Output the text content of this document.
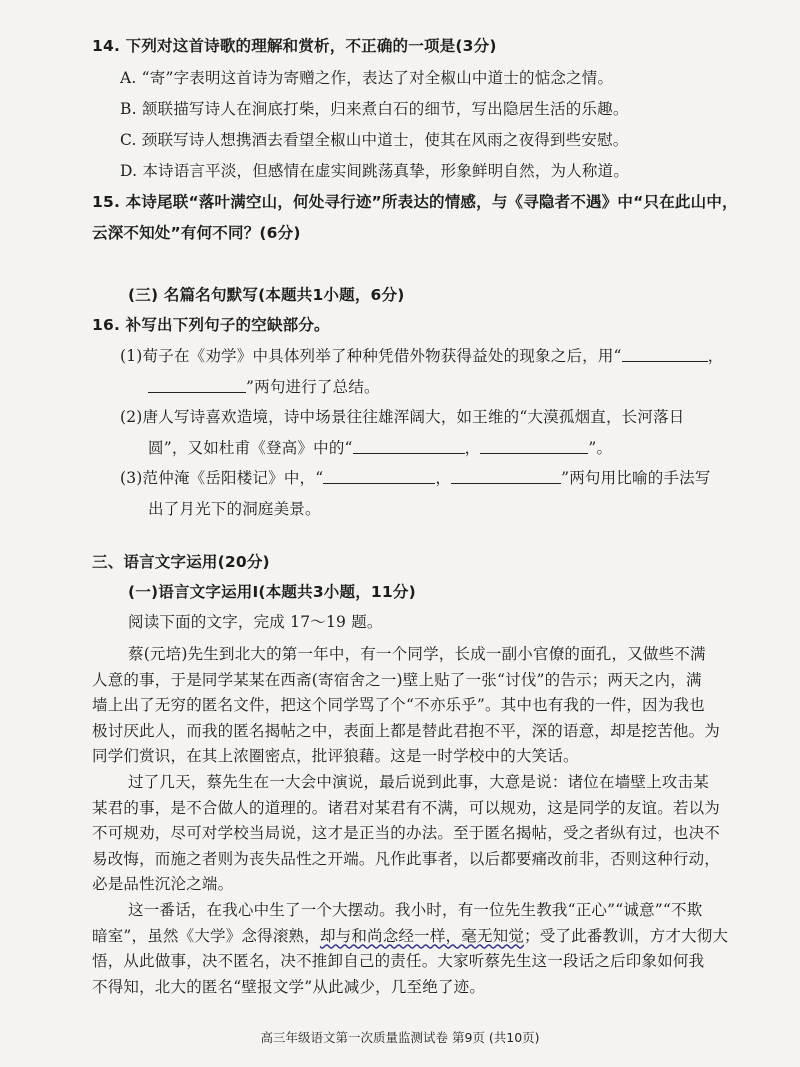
14. 下列对这首诗歌的理解和赏析，不正确的一项是(3分)
A. “寄”字表明这首诗为寄赠之作，表达了对全椒山中道士的惦念之情。
B. 颔联描写诗人在涧底打柴，归来煮白石的细节，写出隐居生活的乐趣。
C. 颈联写诗人想携酒去看望全椒山中道士，使其在风雨之夜得到些安慰。
D. 本诗语言平淡，但感情在虚实间跳荡真挚，形象鲜明自然，为人称道。
15. 本诗尾联“落叶满空山，何处寻行迹”所表达的情感，与《寻隐者不遇》中“只在此山中，
云深不知处”有何不同？(6分)
(三) 名篇名句默写(本题共1小题，6分)
16. 补写出下列句子的空缺部分。
(1)荀子在《劝学》中具体列举了种种凭借外物获得益处的现象之后，用“	，
”两句进行了总结。
(2)唐人写诗喜欢造境，诗中场景往往雄浑阔大，如王维的“大漠孤烟直，长河落日
圆”，又如杜甫《登高》中的“	，	”。
(3)范仲淹《岳阳楼记》中，“	，	”两句用比喻的手法写
出了月光下的洞庭美景。
三、语言文字运用(20分)
(一)语言文字运用Ⅰ(本题共3小题，11分)
阅读下面的文字，完成 17～19 题。
蔡(元培)先生到北大的第一年中，有一个同学，长成一副小官僚的面孔，又做些不满
人意的事，于是同学某某在西斋(寄宿舍之一)壁上贴了一张“讨伐”的告示；两天之内，满
墙上出了无穷的匿名文件，把这个同学骂了个“不亦乐乎”。其中也有我的一件，因为我也
极讨厌此人，而我的匿名揭帖之中，表面上都是替此君抱不平，深的语意，却是挖苦他。为
同学们赏识，在其上浓圈密点，批评狼藉。这是一时学校中的大笑话。
过了几天，蔡先生在一大会中演说，最后说到此事，大意是说：诸位在墙壁上攻击某
某君的事，是不合做人的道理的。诸君对某君有不满，可以规劝，这是同学的友谊。若以为
不可规劝，尽可对学校当局说，这才是正当的办法。至于匿名揭帖，受之者纵有过，也决不
易改悔，而施之者则为丧失品性之开端。凡作此事者，以后都要痛改前非，否则这种行动，
必是品性沉沦之端。
这一番话，在我心中生了一个大摆动。我小时，有一位先生教我“正心”“诚意”“不欺
暗室”，虽然《大学》念得滚熟，却与和尚念经一样，毫无知觉；受了此番教训，方才大彻大
高三年级语文第一次质量监测试卷 第9页 (共10页)
悟，从此做事，决不匿名，决不推卸自己的责任。大家听蔡先生这一段话之后印象如何我
不得知，北大的匿名“壁报文学”从此减少，几至绝了迹。
